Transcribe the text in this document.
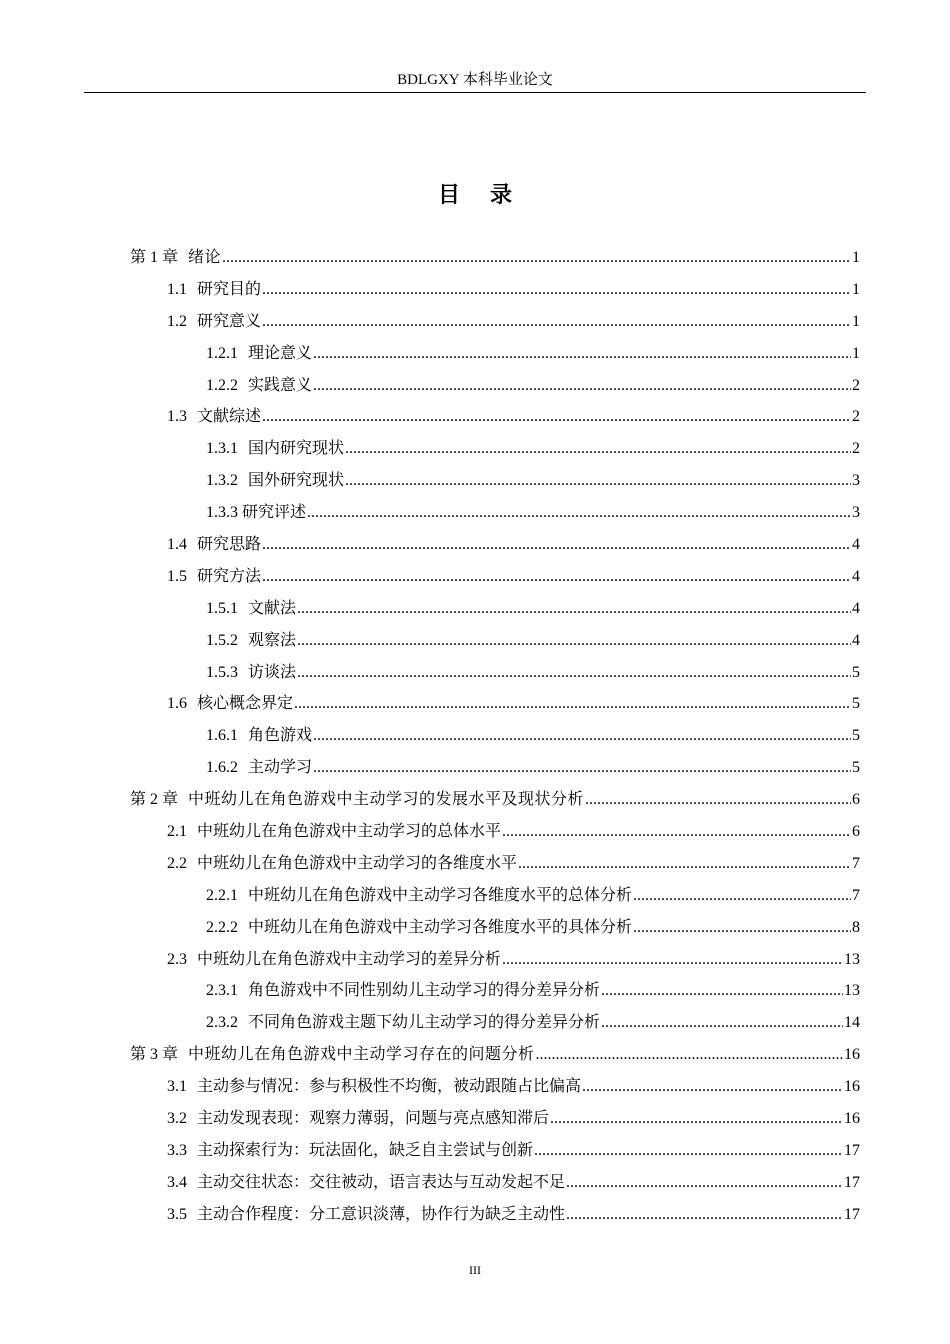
BDLGXY 本科毕业论文
目录
第 1 章 绪论 .....	1
1.1 研究目的 .....	1
1.2 研究意义 .....	1
1.2.1 理论意义 .....	1
1.2.2 实践意义 .....	2
1.3 文献综述 .....	2
1.3.1 国内研究现状 .....	2
1.3.2 国外研究现状 .....	3
1.3.3 研究评述 .....	3
1.4 研究思路 .....	4
1.5 研究方法 .....	4
1.5.1 文献法 .....	4
1.5.2 观察法 .....	4
1.5.3 访谈法 .....	5
1.6 核心概念界定 .....	5
1.6.1 角色游戏 .....	5
1.6.2 主动学习 .....	5
第 2 章 中班幼儿在角色游戏中主动学习的发展水平及现状分析 .....	6
2.1 中班幼儿在角色游戏中主动学习的总体水平 .....	6
2.2 中班幼儿在角色游戏中主动学习的各维度水平 .....	7
2.2.1 中班幼儿在角色游戏中主动学习各维度水平的总体分析 .....	7
2.2.2 中班幼儿在角色游戏中主动学习各维度水平的具体分析 .....	8
2.3 中班幼儿在角色游戏中主动学习的差异分析 .....	13
2.3.1 角色游戏中不同性别幼儿主动学习的得分差异分析 .....	13
2.3.2 不同角色游戏主题下幼儿主动学习的得分差异分析 .....	14
第 3 章 中班幼儿在角色游戏中主动学习存在的问题分析 .....	16
3.1 主动参与情况：参与积极性不均衡，被动跟随占比偏高 .....	16
3.2 主动发现表现：观察力薄弱，问题与亮点感知滞后 .....	16
3.3 主动探索行为：玩法固化，缺乏自主尝试与创新 .....	17
3.4 主动交往状态：交往被动，语言表达与互动发起不足 .....	17
3.5 主动合作程度：分工意识淡薄，协作行为缺乏主动性 .....	17
III
